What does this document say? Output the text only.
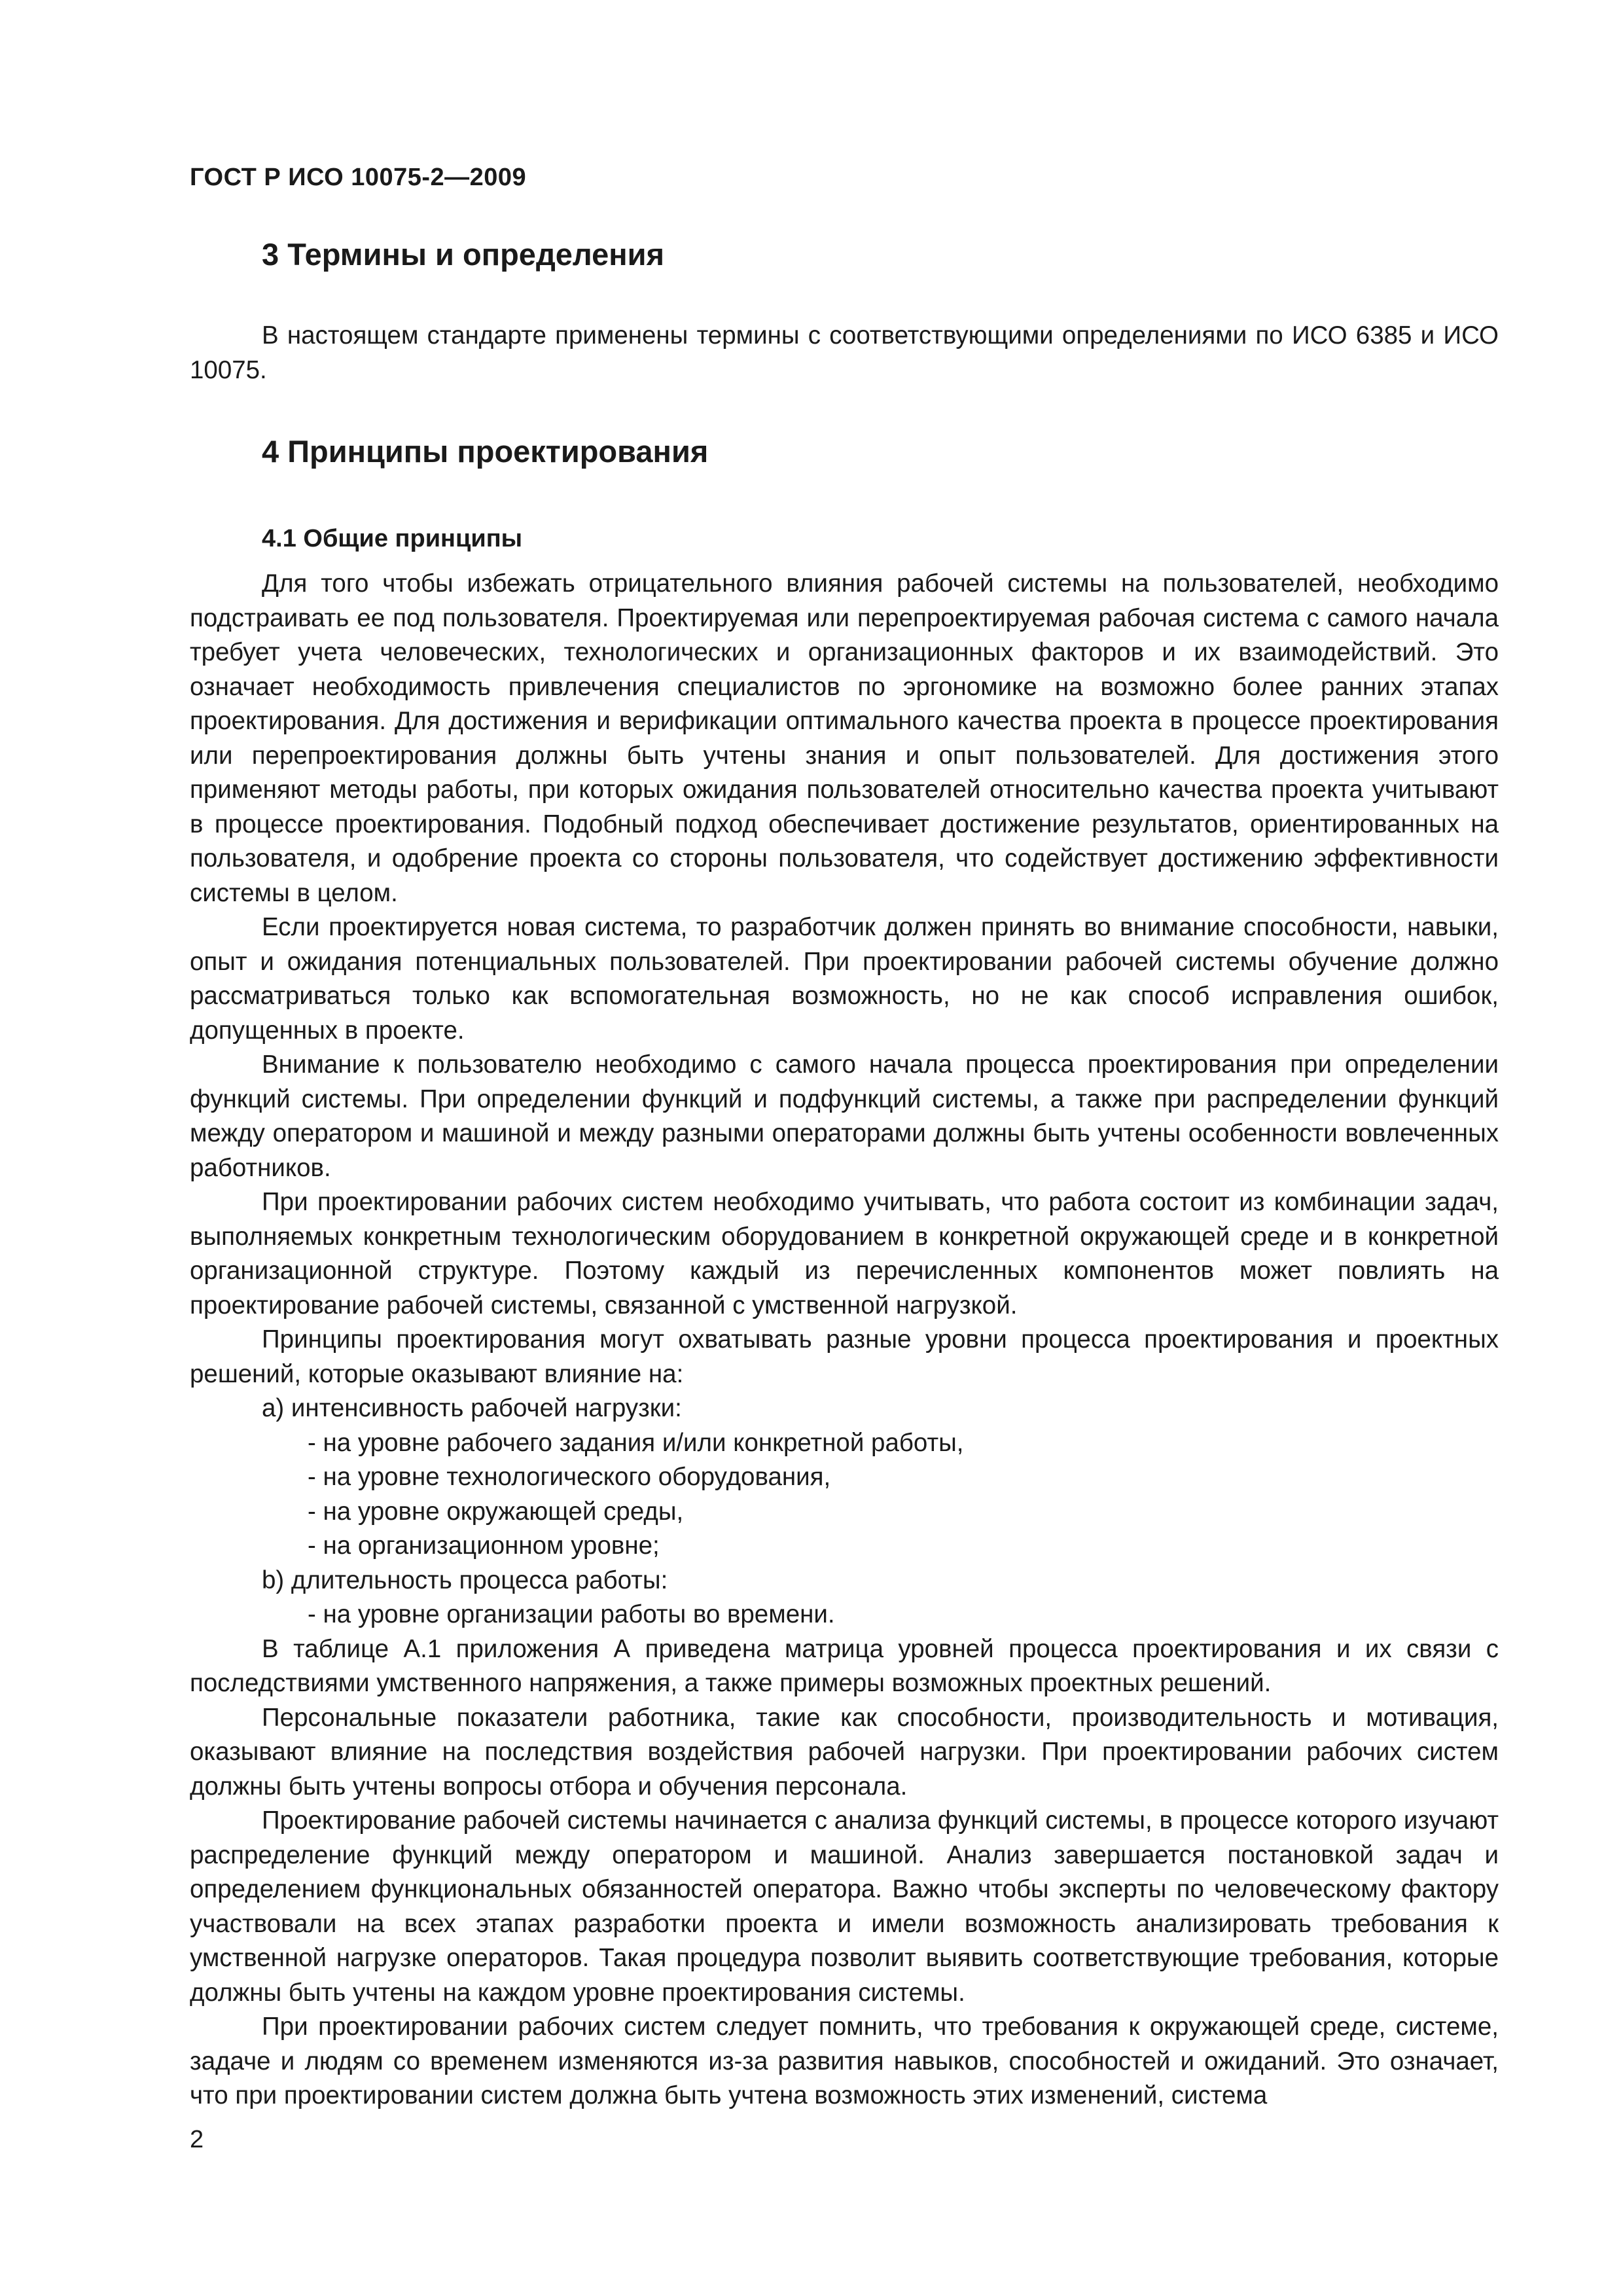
ГОСТ Р ИСО 10075-2—2009
3 Термины и определения

В настоящем стандарте применены термины с соответствующими определениями по ИСО 6385 и ИСО 10075.

4 Принципы проектирования
4.1 Общие принципы

Для того чтобы избежать отрицательного влияния рабочей системы на пользователей, необходимо подстраивать ее под пользователя. Проектируемая или перепроектируемая рабочая система с самого начала требует учета человеческих, технологических и организационных факторов и их взаимодействий. Это означает необходимость привлечения специалистов по эргономике на возможно более ранних этапах проектирования. Для достижения и верификации оптимального качества проекта в процессе проектирования или перепроектирования должны быть учтены знания и опыт пользователей. Для достижения этого применяют методы работы, при которых ожидания пользователей относительно качества проекта учитывают в процессе проектирования. Подобный подход обеспечивает достижение результатов, ориентированных на пользователя, и одобрение проекта со стороны пользователя, что содействует достижению эффективности системы в целом.

Если проектируется новая система, то разработчик должен принять во внимание способности, навыки, опыт и ожидания потенциальных пользователей. При проектировании рабочей системы обучение должно рассматриваться только как вспомогательная возможность, но не как способ исправления ошибок, допущенных в проекте.

Внимание к пользователю необходимо с самого начала процесса проектирования при определении функций системы. При определении функций и подфункций системы, а также при распределении функций между оператором и машиной и между разными операторами должны быть учтены особенности вовлеченных работников.

При проектировании рабочих систем необходимо учитывать, что работа состоит из комбинации задач, выполняемых конкретным технологическим оборудованием в конкретной окружающей среде и в конкретной организационной структуре. Поэтому каждый из перечисленных компонентов может повлиять на проектирование рабочей системы, связанной с умственной нагрузкой.

Принципы проектирования могут охватывать разные уровни процесса проектирования и проектных решений, которые оказывают влияние на:

a) интенсивность рабочей нагрузки:
- на уровне рабочего задания и/или конкретной работы,
- на уровне технологического оборудования,
- на уровне окружающей среды,
- на организационном уровне;
b) длительность процесса работы:
- на уровне организации работы во времени.

В таблице А.1 приложения А приведена матрица уровней процесса проектирования и их связи с последствиями умственного напряжения, а также примеры возможных проектных решений.

Персональные показатели работника, такие как способности, производительность и мотивация, оказывают влияние на последствия воздействия рабочей нагрузки. При проектировании рабочих систем должны быть учтены вопросы отбора и обучения персонала.

Проектирование рабочей системы начинается с анализа функций системы, в процессе которого изучают распределение функций между оператором и машиной. Анализ завершается постановкой задач и определением функциональных обязанностей оператора. Важно чтобы эксперты по человеческому фактору участвовали на всех этапах разработки проекта и имели возможность анализировать требования к умственной нагрузке операторов. Такая процедура позволит выявить соответствующие требования, которые должны быть учтены на каждом уровне проектирования системы.

При проектировании рабочих систем следует помнить, что требования к окружающей среде, системе, задаче и людям со временем изменяются из-за развития навыков, способностей и ожиданий. Это означает, что при проектировании систем должна быть учтена возможность этих изменений, система

2
